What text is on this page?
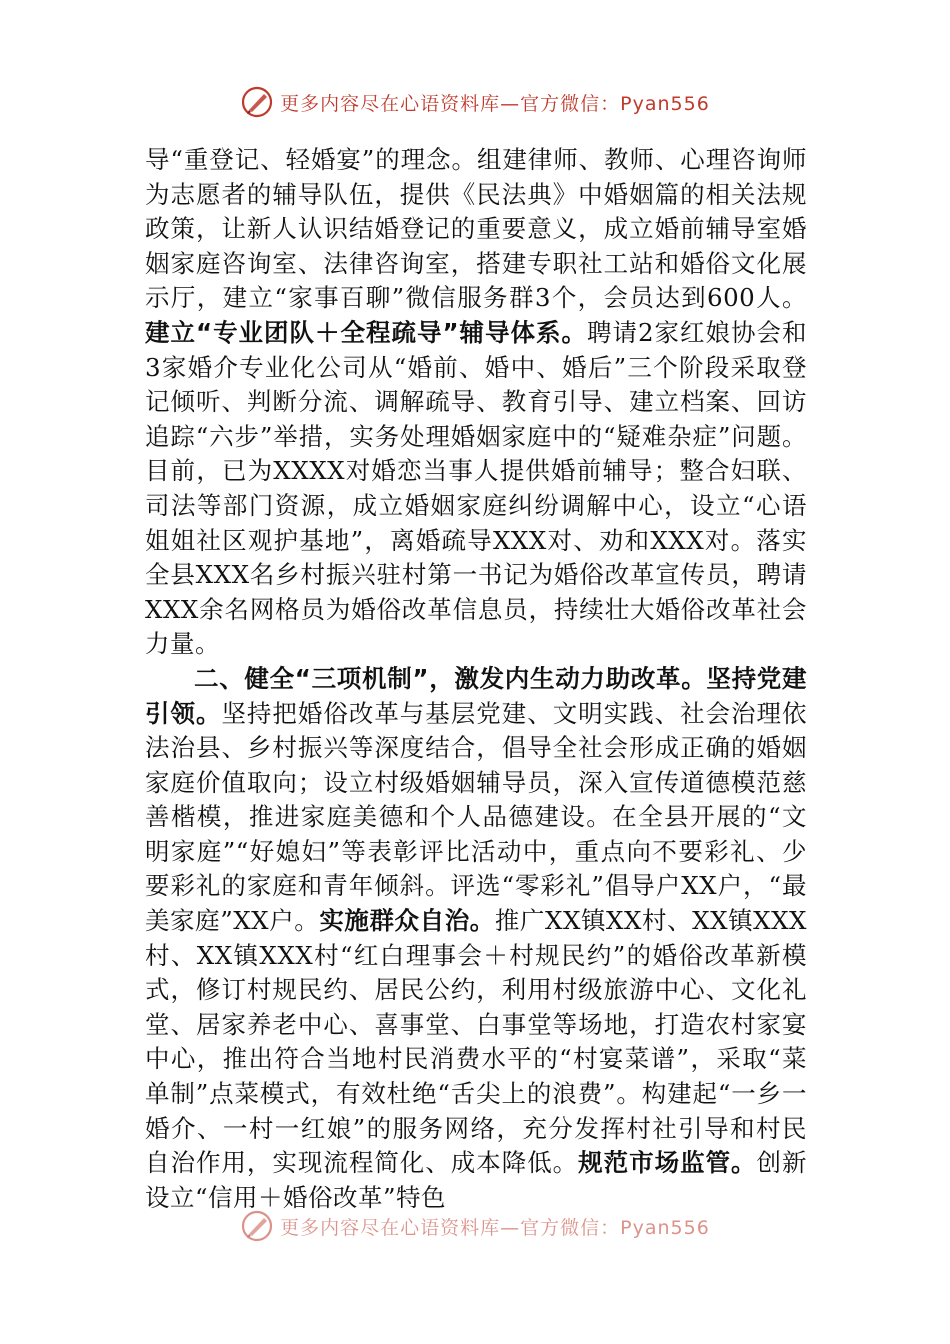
更多内容尽在心语资料库—官方微信：Pyan556

导“重登记、轻婚宴”的理念。组建律师、教师、心理咨询师为志愿者的辅导队伍，提供《民法典》中婚姻篇的相关法规政策，让新人认识结婚登记的重要意义，成立婚前辅导室婚姻家庭咨询室、法律咨询室，搭建专职社工站和婚俗文化展示厅，建立“家事百聊”微信服务群3个，会员达到600人。建立“专业团队＋全程疏导”辅导体系。聘请2家红娘协会和3家婚介专业化公司从“婚前、婚中、婚后”三个阶段采取登记倾听、判断分流、调解疏导、教育引导、建立档案、回访追踪“六步”举措，实务处理婚姻家庭中的“疑难杂症”问题。目前，已为XXXX对婚恋当事人提供婚前辅导；整合妇联、司法等部门资源，成立婚姻家庭纠纷调解中心，设立“心语姐姐社区观护基地”，离婚疏导XXX对、劝和XXX对。落实全县XXX名乡村振兴驻村第一书记为婚俗改革宣传员，聘请XXX余名网格员为婚俗改革信息员，持续壮大婚俗改革社会力量。

二、健全“三项机制”，激发内生动力助改革。坚持党建引领。坚持把婚俗改革与基层党建、文明实践、社会治理依法治县、乡村振兴等深度结合，倡导全社会形成正确的婚姻家庭价值取向；设立村级婚姻辅导员，深入宣传道德模范慈善楷模，推进家庭美德和个人品德建设。在全县开展的“文明家庭”“好媳妇”等表彰评比活动中，重点向不要彩礼、少要彩礼的家庭和青年倾斜。评选“零彩礼”倡导户XX户，“最美家庭”XX户。实施群众自治。推广XX镇XX村、XX镇XXX村、XX镇XXX村“红白理事会＋村规民约”的婚俗改革新模式，修订村规民约、居民公约，利用村级旅游中心、文化礼堂、居家养老中心、喜事堂、白事堂等场地，打造农村家宴中心，推出符合当地村民消费水平的“村宴菜谱”，采取“菜单制”点菜模式，有效杜绝“舌尖上的浪费”。构建起“一乡一婚介、一村一红娘”的服务网络，充分发挥村社引导和村民自治作用，实现流程简化、成本降低。规范市场监管。创新设立“信用＋婚俗改革”特色

更多内容尽在心语资料库—官方微信：Pyan556
